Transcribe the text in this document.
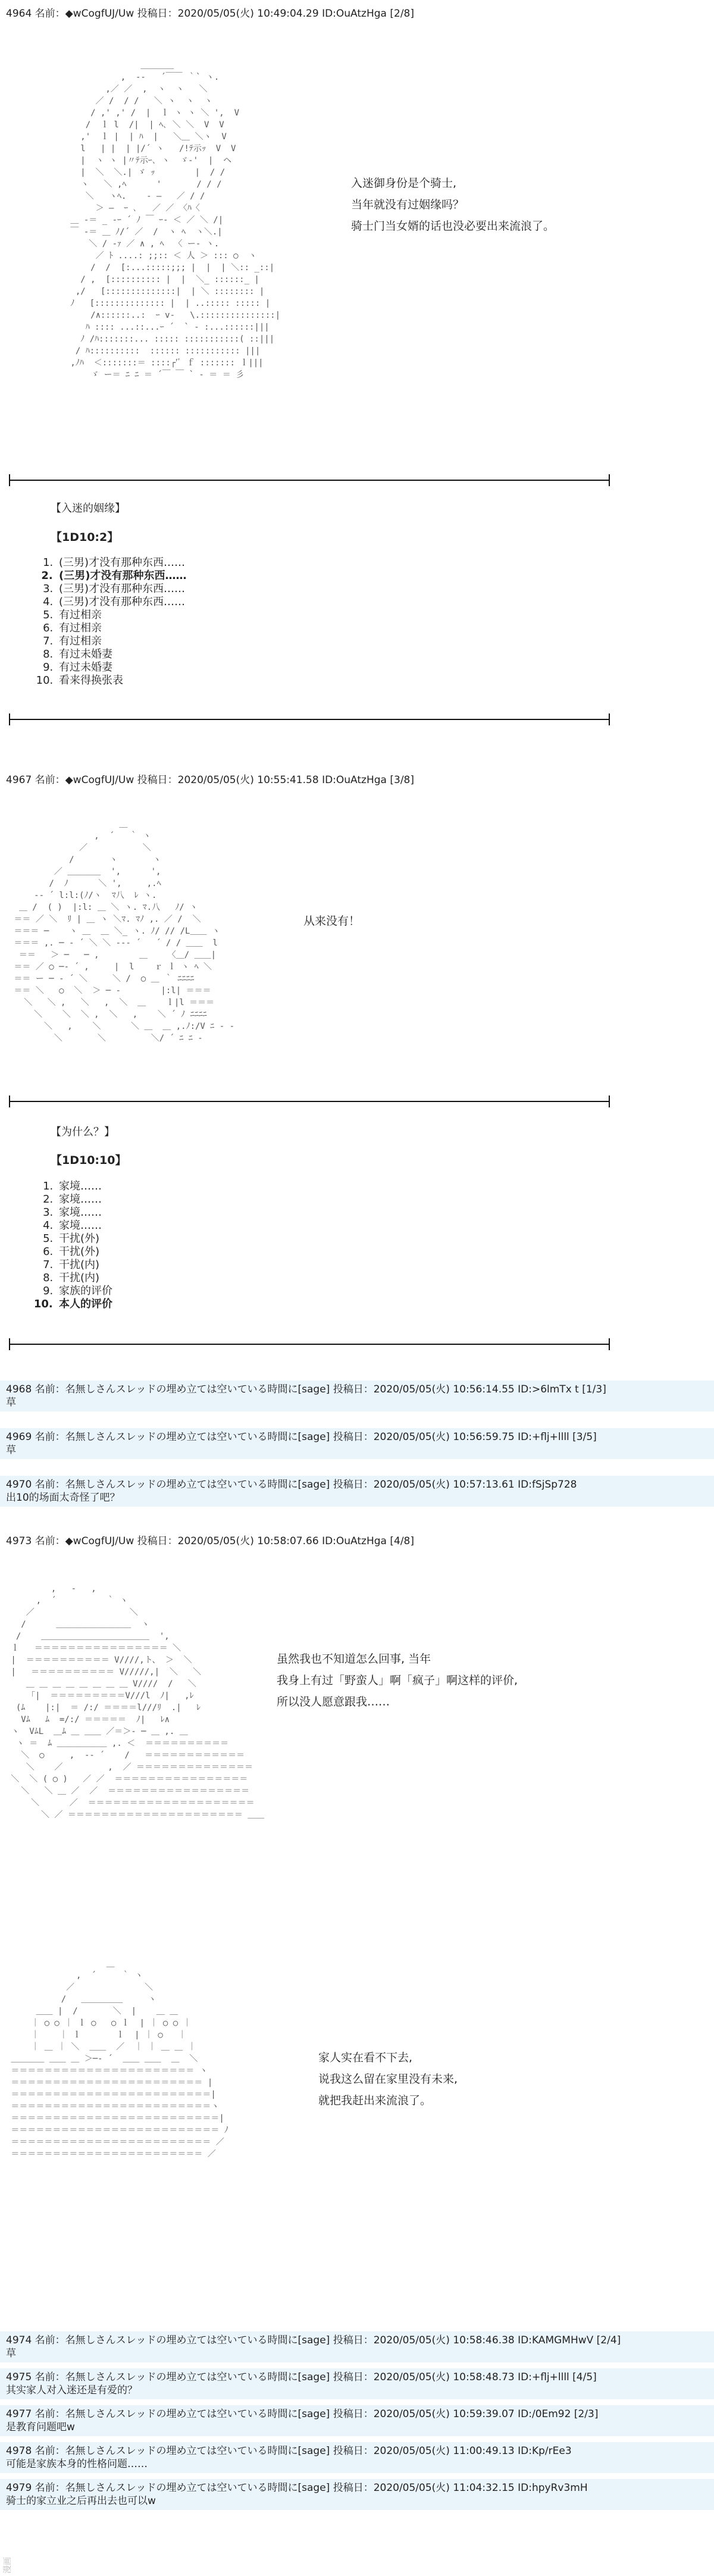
4964 名前：◆wCogfUJ/Uw 投稿日：2020/05/05(火) 10:49:04.29 ID:OuAtzHga [2/8]
＿＿＿＿
,  -‐   ´￣￣ ｀` ヽ.
,／ ／  ,  ヽ  ヽ   ＼
／ /  / /   ＼ ヽ  ヽ  ヽ
/ ,' ,' /  |  ｌ ヽ ヽ ＼ ',  V
/  ｌ l  /|  | ﾍ､ ＼ ＼  V  V
,'  ｌ |  | ﾊ  |   ＼＿ ＼ヽ  V
l   | |  | |/´ ヽ   /!ﾃ示ｯ  V  V
|  ヽ ヽ |〃ﾃ示ｰ､ ヽ  ゞ-'  |  ヘ
|  ＼  ＼.| ゞ ｯ        |  / /
ヽ   ＼ ,ﾍ      '       / / /
＼   ヽﾍ.    ‐ ―   ／ / /
＞ ―  ｰ ､   ／ ／ 〈ﾊ〈
＿ -＝ _ -ｰ ´ ﾉ ￣ ｰ- ＜ ／ ＼ /|
￣ ‐＝ ＿ ﾉ/´ ／  /  ヽ ﾍ  ヽ＼.|
　 ＼ / ‐ｧ ／ ∧ , ﾍ  〈 ー- ヽ.
／ ﾄ ....: ;;:: ＜ 人 ＞ ::: ○  ヽ
/  /  [:...:::::;;; |  |  | ＼:: _::|
/ ,  [:::::::::: |  |  ＼_ ::::::_ |
,/   [::::::::::::::|  | ＼ :::::::: |
ﾉ   [:::::::::::::: |  | ..::::: ::::: |
/∧::::::..:  ｰ v‐   \.:::::::::::::::|
ﾊ :::: ...::...ｰ ´  ` ‐ :...::::::|||
ﾉ /ﾊ:::::::... ::::: :::::::::::( ::|||
/ ﾊ::::::::::  :::::: ::::::::::: |||
,ﾉﾊ  ＜:::::::＝ ::::┌'ﾞ ｆ ::::::: ｌ|||
ゞ ー＝ ﾆ ﾆ ＝ ´￣ ￣ ` ‐ ＝ ＝ 彡
入迷御身份是个骑士,
当年就没有过姻缘吗？
骑士门当女婿的话也没必要出来流浪了。
【入迷的姻缘】
【1D10:2】
1. (三男)才没有那种东西……
2. (三男)才没有那种东西……
3. (三男)才没有那种东西……
4. (三男)才没有那种东西……
5. 有过相亲
6. 有过相亲
7. 有过相亲
8. 有过未婚妻
9. 有过未婚妻
10. 看来得换张表
4967 名前：◆wCogfUJ/Uw 投稿日：2020/05/05(火) 10:55:41.58 ID:OuAtzHga [3/8]
＿
,  ´   ｀ ヽ
／           ＼
/       ヽ       ヽ
／ ＿＿＿＿  ',      ',
/  ﾉ      ＼ ',     ,.ﾍ
-‐ ´ l:l:(ﾉ/ヽ  ﾏ八  ﾚ ヽ.
＿ /  ( )  |:l: ＿ ＼ ヽ. ﾏ.八   ﾉ/ ヽ
＝＝ ／ ＼  ﾘ | ＿ ヽ ＼ﾏ. ﾏﾉ ,. ／ /  ＼
＝＝＝ ─    ヽ ＿  ＿ ＼_ ヽ. ﾉ/ // /L＿＿ ヽ
＝＝＝ ,. ─ ‐ ´ ＼ ＼ ‐-‐ ´   ´ / / ＿＿  l
＝＝   ＞ ─   ─ ,        ＿    〈＿/ ＿＿|
＝＝ ／ ○ ─‐ ´ ,     |  l    ｒ ｌ ヽ ﾍ ＼
＝＝ ー ─ ‐ ´ ＼     ＼ /  ○ ＿ ｀ ﾆﾆﾆﾆ
＝＝ ＼   ○  ＼  ＞ ─ ‐        |:l| ＝＝＝
＼   ＼ ,   ＼   ,  ＼  ＿    ｌ|l ＝＝＝
＼    ＼  ＼ ,  ＼   ,    ＼ ´ ﾉ ﾆﾆﾆﾆ
＼   ,    ＼      ＼ ＿  ＿ ,.ﾉ:/V ﾆ ‐ ‐
＼       ＼         ＼/ ´ ﾆ ﾆ ‐
从来没有！
【为什么？】
【1D10:10】
1. 家境……
2. 家境……
3. 家境……
4. 家境……
5. 干扰(外)
6. 干扰(外)
7. 干扰(内)
8. 干扰(内)
9. 家族的评价
10. 本人的评价
4968 名前：名無しさんスレッドの埋め立ては空いている時間に[sage] 投稿日：2020/05/05(火) 10:56:14.55 ID:>6lmTx t [1/3]
草
4969 名前：名無しさんスレッドの埋め立ては空いている時間に[sage] 投稿日：2020/05/05(火) 10:56:59.75 ID:+flj+llll [3/5]
草
4970 名前：名無しさんスレッドの埋め立ては空いている時間に[sage] 投稿日：2020/05/05(火) 10:57:13.61 ID:fSjSp728
出10的场面太奇怪了吧？
4973 名前：◆wCogfUJ/Uw 投稿日：2020/05/05(火) 10:58:07.66 ID:OuAtzHga [4/8]
,   -   ,
,  ´          ｀ ヽ
／                   ＼
/      ＿＿＿＿＿＿＿＿＿  ヽ
/    ＿＿＿＿＿＿＿＿＿＿＿＿＿  ',
ｌ   ＝＝＝＝＝＝＝＝＝＝＝＝＝＝＝＝ ＼
|  ＝＝＝＝＝＝＝＝＝＝ V////,ト、 ＞  ＼
|   ＝＝＝＝＝＝＝＝＝＝ V/////,|  ＼   ＼
＿ ＿ ＿ ＿ ＿ ＿ ＿ ＿ V////  /   ＼
｢|  ＝＝＝＝＝＝＝＝＝V///l  ﾉ|   ,ﾚ
(ﾑ    |:|  ＝ /:/ ＝＝＝＝l///ﾘ  .|   ﾚ
Vﾑ   ﾑ  =/:/ ＝＝＝＝＝  ﾉ|   ﾚ∧
ヽ  VﾑL  ＿ﾑ ＿ ＿＿ ／＝＞‐ ─ ＿ ,. ＿
ヽ ＝  ﾑ ＿＿＿＿＿＿ ,. ＜  ＝＝＝＝＝＝＝＝＝＝
＼  ○     ,  -‐ ´    /   ＝＝＝＝＝＝＝＝＝＝＝＝
＼    ／         ,  ／ ＝＝＝＝＝＝＝＝＝＝＝＝＝＝
＼  ＼ ( ○ )   ／ ／  ＝＝＝＝＝＝＝＝＝＝＝＝＝＝＝＝
＼   ＼ ＿ ／  ／  ＝＝＝＝＝＝＝＝＝＝＝＝＝＝＝＝＝
＼      ／  ＝＝＝＝＝＝＝＝＝＝＝＝＝＝＝＝＝＝＝＝
＼ ／ ＝＝＝＝＝＝＝＝＝＝＝＝＝＝＝＝＝＝＝＝＝ ＿＿
虽然我也不知道怎么回事, 当年
我身上有过「野蛮人」啊「疯子」啊这样的评价,
所以没人愿意跟我……
＿
,  ´     ｀ ヽ
／              ＼
/   ＿＿＿＿＿     ヽ
＿＿ |  /       ＼  |    ＿ ＿
｜ ○ ○ ｜ ｌ ○   ○ ｌ  | ｜ ○ ○ ｜
｜    ｜ ｌ       ｌ  | ｜ ○   ｜
｜ ＿ ｜ ＼  ＿＿  ／  ｜ ｜ ＿ ＿ ｜
＿＿＿＿ ＿＿ ＿ ＞─‐ ´  ＿＿ ＿＿  ＿  ＼
＝＝＝＝＝＝＝＝＝＝＝＝＝＝＝＝＝＝＝＝＝＝ ヽ
＝＝＝＝＝＝＝＝＝＝＝＝＝＝＝＝＝＝＝＝＝＝＝ |
＝＝＝＝＝＝＝＝＝＝＝＝＝＝＝＝＝＝＝＝＝＝＝＝|
＝＝＝＝＝＝＝＝＝＝＝＝＝＝＝＝＝＝＝＝＝＝＝＝ヽ
＝＝＝＝＝＝＝＝＝＝＝＝＝＝＝＝＝＝＝＝＝＝＝＝＝|
＝＝＝＝＝＝＝＝＝＝＝＝＝＝＝＝＝＝＝＝＝＝＝＝＝ ﾉ
＝＝＝＝＝＝＝＝＝＝＝＝＝＝＝＝＝＝＝＝＝＝＝＝ ／
＝＝＝＝＝＝＝＝＝＝＝＝＝＝＝＝＝＝＝＝＝＝＝ ／
家人实在看不下去,
说我这么留在家里没有未来,
就把我赶出来流浪了。
4974 名前：名無しさんスレッドの埋め立ては空いている時間に[sage] 投稿日：2020/05/05(火) 10:58:46.38 ID:KAMGMHwV [2/4]
草
4975 名前：名無しさんスレッドの埋め立ては空いている時間に[sage] 投稿日：2020/05/05(火) 10:58:48.73 ID:+flj+llll [4/5]
其实家人对入迷还是有爱的？
4977 名前：名無しさんスレッドの埋め立ては空いている時間に[sage] 投稿日：2020/05/05(火) 10:59:39.07 ID:/0Em92 [2/3]
是教育问题吧w
4978 名前：名無しさんスレッドの埋め立ては空いている時間に[sage] 投稿日：2020/05/05(火) 11:00:49.13 ID:Kp/rEe3
可能是家族本身的性格问题……
4979 名前：名無しさんスレッドの埋め立ては空いている時間に[sage] 投稿日：2020/05/05(火) 11:04:32.15 ID:hpyRv3mH
骑士的家立业之后再出去也可以w
漫画
